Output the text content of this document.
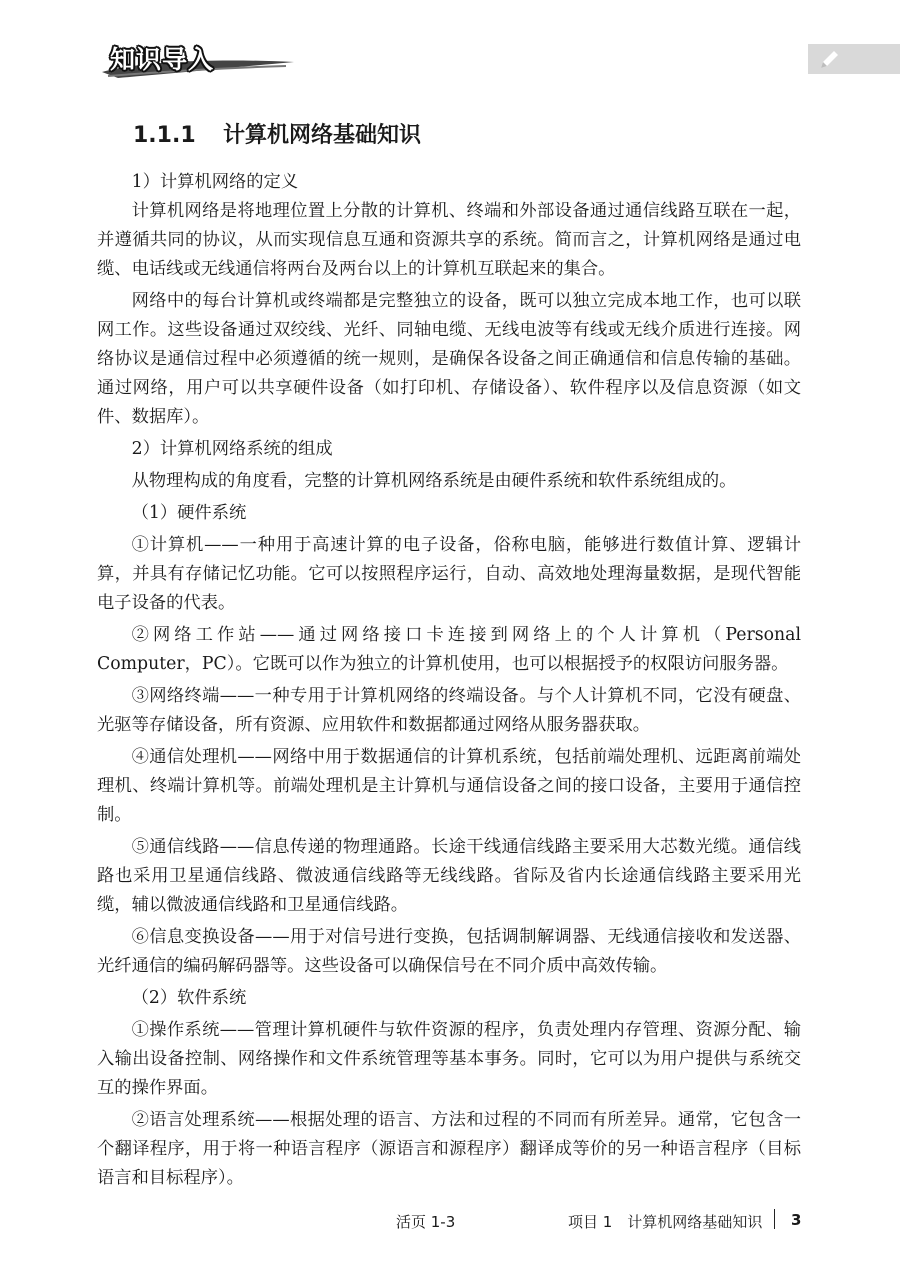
知识导入
1.1.1 计算机网络基础知识

1）计算机网络的定义

计算机网络是将地理位置上分散的计算机、终端和外部设备通过通信线路互联在一起，并遵循共同的协议，从而实现信息互通和资源共享的系统。简而言之，计算机网络是通过电缆、电话线或无线通信将两台及两台以上的计算机互联起来的集合。

网络中的每台计算机或终端都是完整独立的设备，既可以独立完成本地工作，也可以联网工作。这些设备通过双绞线、光纤、同轴电缆、无线电波等有线或无线介质进行连接。网络协议是通信过程中必须遵循的统一规则，是确保各设备之间正确通信和信息传输的基础。通过网络，用户可以共享硬件设备（如打印机、存储设备）、软件程序以及信息资源（如文件、数据库）。

2）计算机网络系统的组成

从物理构成的角度看，完整的计算机网络系统是由硬件系统和软件系统组成的。

（1）硬件系统

①计算机——一种用于高速计算的电子设备，俗称电脑，能够进行数值计算、逻辑计算，并具有存储记忆功能。它可以按照程序运行，自动、高效地处理海量数据，是现代智能电子设备的代表。

②网络工作站——通过网络接口卡连接到网络上的个人计算机（Personal Computer，PC）。它既可以作为独立的计算机使用，也可以根据授予的权限访问服务器。

③网络终端——一种专用于计算机网络的终端设备。与个人计算机不同，它没有硬盘、光驱等存储设备，所有资源、应用软件和数据都通过网络从服务器获取。

④通信处理机——网络中用于数据通信的计算机系统，包括前端处理机、远距离前端处理机、终端计算机等。前端处理机是主计算机与通信设备之间的接口设备，主要用于通信控制。

⑤通信线路——信息传递的物理通路。长途干线通信线路主要采用大芯数光缆。通信线路也采用卫星通信线路、微波通信线路等无线线路。省际及省内长途通信线路主要采用光缆，辅以微波通信线路和卫星通信线路。

⑥信息变换设备——用于对信号进行变换，包括调制解调器、无线通信接收和发送器、光纤通信的编码解码器等。这些设备可以确保信号在不同介质中高效传输。

（2）软件系统

①操作系统——管理计算机硬件与软件资源的程序，负责处理内存管理、资源分配、输入输出设备控制、网络操作和文件系统管理等基本事务。同时，它可以为用户提供与系统交互的操作界面。

②语言处理系统——根据处理的语言、方法和过程的不同而有所差异。通常，它包含一个翻译程序，用于将一种语言程序（源语言和源程序）翻译成等价的另一种语言程序（目标语言和目标程序）。

活页 1-3	项目 1　计算机网络基础知识 3
